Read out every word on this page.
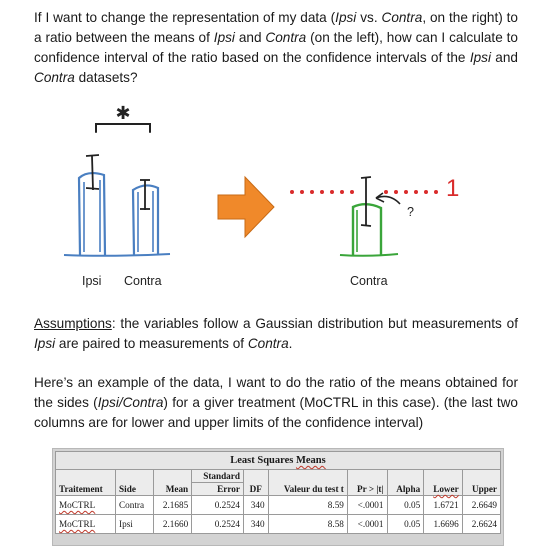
If I want to change the representation of my data (Ipsi vs. Contra, on the right) to a ratio between the means of Ipsi and Contra (on the left), how can I calculate to confidence interval of the ratio based on the confidence intervals of the Ipsi and Contra datasets?

✱
Ipsi Contra
1
?
Contra

Assumptions: the variables follow a Gaussian distribution but measurements of Ipsi are paired to measurements of Contra.

Here’s an example of the data, I want to do the ratio of the means obtained for the sides (Ipsi/Contra) for a giver treatment (MoCTRL in this case). (the last two columns are for lower and upper limits of the confidence interval)

Least Squares Means									
Traitement	Side	Mean	Standard	DF	Valeur du test t	Pr > |t|	Alpha	Lower	Upper
			Error						
MoCTRL	Contra	2.1685	0.2524	340	8.59	<.0001	0.05	1.6721	2.6649
MoCTRL	Ipsi	2.1660	0.2524	340	8.58	<.0001	0.05	1.6696	2.6624
